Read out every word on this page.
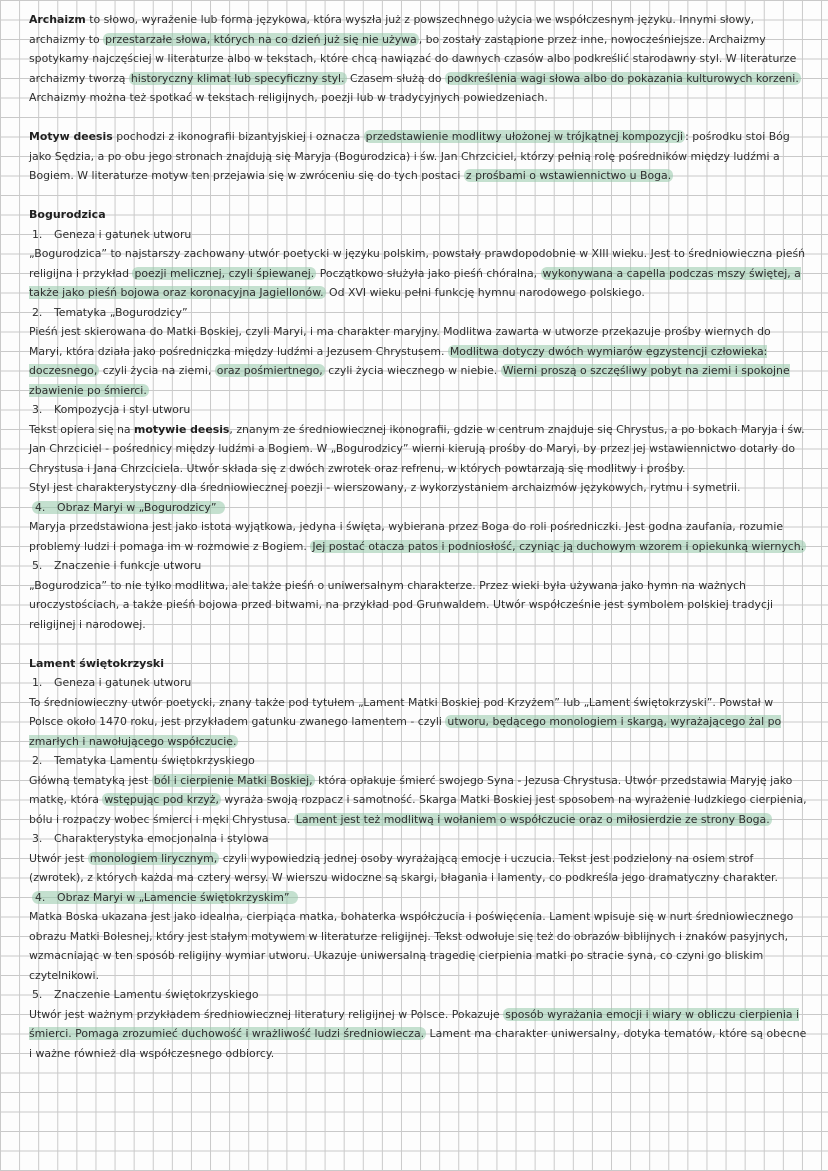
Archaizm to słowo, wyrażenie lub forma językowa, która wyszła już z powszechnego użycia we współczesnym języku. Innymi słowy, archaizmy to przestarzałe słowa, których na co dzień już się nie używa , bo zostały zastąpione przez inne, nowocześniejsze. Archaizmy spotykamy najczęściej w literaturze albo w tekstach, które chcą nawiązać do dawnych czasów albo podkreślić starodawny styl. W literaturze archaizmy tworzą historyczny klimat lub specyficzny styl. Czasem służą do podkreślenia wagi słowa albo do pokazania kulturowych korzeni. Archaizmy można też spotkać w tekstach religijnych, poezji lub w tradycyjnych powiedzeniach.

Motyw deesis pochodzi z ikonografii bizantyjskiej i oznacza przedstawienie modlitwy ułożonej w trójkątnej kompozycji : pośrodku stoi Bóg jako Sędzia, a po obu jego stronach znajdują się Maryja (Bogurodzica) i św. Jan Chrzciciel, którzy pełnią rolę pośredników między ludźmi a Bogiem. W literaturze motyw ten przejawia się w zwróceniu się do tych postaci z prośbami o wstawiennictwo u Boga.

Bogurodzica

1. Geneza i gatunek utworu

„Bogurodzica” to najstarszy zachowany utwór poetycki w języku polskim, powstały prawdopodobnie w XIII wieku. Jest to średniowieczna pieśń religijna i przykład poezji melicznej, czyli śpiewanej. Początkowo służyła jako pieśń chóralna, wykonywana a capella podczas mszy świętej, a także jako pieśń bojowa oraz koronacyjna Jagiellonów. Od XVI wieku pełni funkcję hymnu narodowego polskiego.

2. Tematyka „Bogurodzicy”

Pieśń jest skierowana do Matki Boskiej, czyli Maryi, i ma charakter maryjny. Modlitwa zawarta w utworze przekazuje prośby wiernych do Maryi, która działa jako pośredniczka między ludźmi a Jezusem Chrystusem. Modlitwa dotyczy dwóch wymiarów egzystencji człowieka: doczesnego, czyli życia na ziemi, oraz pośmiertnego, czyli życia wiecznego w niebie. Wierni proszą o szczęśliwy pobyt na ziemi i spokojne zbawienie po śmierci.

3. Kompozycja i styl utworu

Tekst opiera się na motywie deesis, znanym ze średniowiecznej ikonografii, gdzie w centrum znajduje się Chrystus, a po bokach Maryja i św. Jan Chrzciciel - pośrednicy między ludźmi a Bogiem. W „Bogurodzicy” wierni kierują prośby do Maryi, by przez jej wstawiennictwo dotarły do Chrystusa i Jana Chrzciciela. Utwór składa się z dwóch zwrotek oraz refrenu, w których powtarzają się modlitwy i prośby.

Styl jest charakterystyczny dla średniowiecznej poezji - wierszowany, z wykorzystaniem archaizmów językowych, rytmu i symetrii.

4. Obraz Maryi w „Bogurodzicy”

Maryja przedstawiona jest jako istota wyjątkowa, jedyna i święta, wybierana przez Boga do roli pośredniczki. Jest godna zaufania, rozumie problemy ludzi i pomaga im w rozmowie z Bogiem. Jej postać otacza patos i podniosłość, czyniąc ją duchowym wzorem i opiekunką wiernych.

5. Znaczenie i funkcje utworu

„Bogurodzica” to nie tylko modlitwa, ale także pieśń o uniwersalnym charakterze. Przez wieki była używana jako hymn na ważnych uroczystościach, a także pieśń bojowa przed bitwami, na przykład pod Grunwaldem. Utwór współcześnie jest symbolem polskiej tradycji religijnej i narodowej.

Lament świętokrzyski

1. Geneza i gatunek utworu

To średniowieczny utwór poetycki, znany także pod tytułem „Lament Matki Boskiej pod Krzyżem” lub „Lament świętokrzyski”. Powstał w Polsce około 1470 roku, jest przykładem gatunku zwanego lamentem - czyli utworu, będącego monologiem i skargą, wyrażającego żal po zmarłych i nawołującego współczucie.

2. Tematyka Lamentu świętokrzyskiego

Główną tematyką jest ból i cierpienie Matki Boskiej, która opłakuje śmierć swojego Syna - Jezusa Chrystusa. Utwór przedstawia Maryję jako matkę, która wstępując pod krzyż, wyraża swoją rozpacz i samotność. Skarga Matki Boskiej jest sposobem na wyrażenie ludzkiego cierpienia, bólu i rozpaczy wobec śmierci i męki Chrystusa. Lament jest też modlitwą i wołaniem o współczucie oraz o miłosierdzie ze strony Boga.

3. Charakterystyka emocjonalna i stylowa

Utwór jest monologiem lirycznym, czyli wypowiedzią jednej osoby wyrażającą emocje i uczucia. Tekst jest podzielony na osiem strof (zwrotek), z których każda ma cztery wersy. W wierszu widoczne są skargi, błagania i lamenty, co podkreśla jego dramatyczny charakter.

4. Obraz Maryi w „Lamencie świętokrzyskim”

Matka Boska ukazana jest jako idealna, cierpiąca matka, bohaterka współczucia i poświęcenia. Lament wpisuje się w nurt średniowiecznego obrazu Matki Bolesnej, który jest stałym motywem w literaturze religijnej. Tekst odwołuje się też do obrazów biblijnych i znaków pasyjnych, wzmacniając w ten sposób religijny wymiar utworu. Ukazuje uniwersalną tragedię cierpienia matki po stracie syna, co czyni go bliskim czytelnikowi.

5. Znaczenie Lamentu świętokrzyskiego

Utwór jest ważnym przykładem średniowiecznej literatury religijnej w Polsce. Pokazuje sposób wyrażania emocji i wiary w obliczu cierpienia i śmierci. Pomaga zrozumieć duchowość i wrażliwość ludzi średniowiecza. Lament ma charakter uniwersalny, dotyka tematów, które są obecne i ważne również dla współczesnego odbiorcy.
